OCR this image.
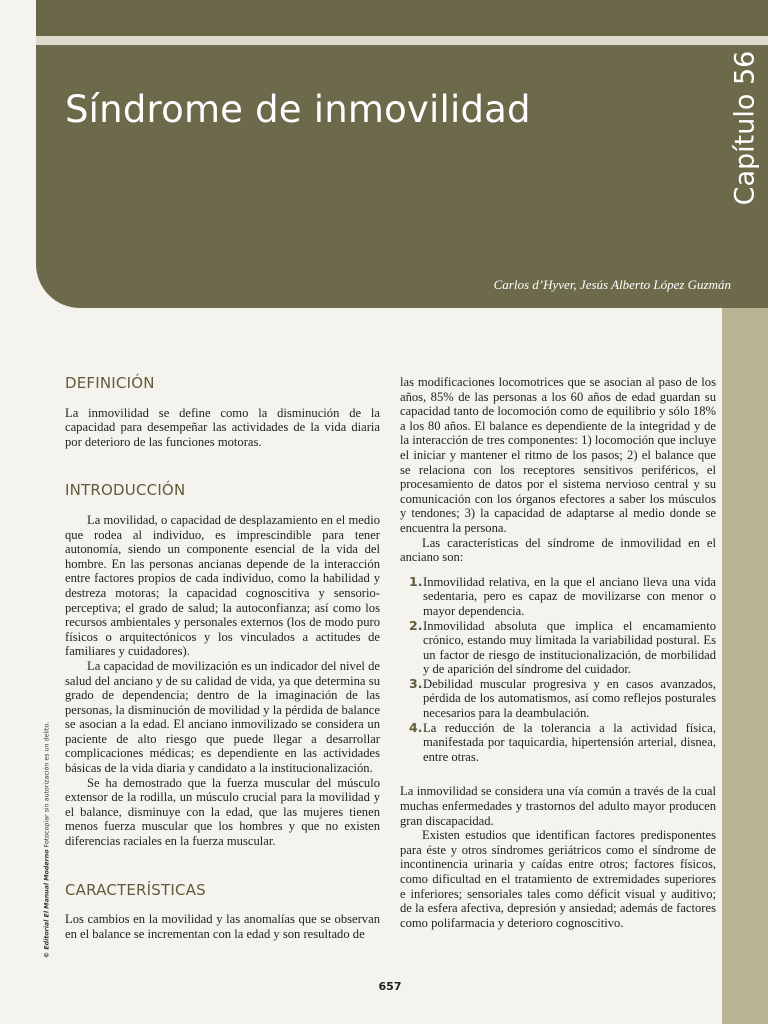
Síndrome de inmovilidad	Capítulo 56
Carlos d’Hyver, Jesús Alberto López Guzmán
© Editorial El Manual Moderno Fotocopiar sin autorización es un delito.
DEFINICIÓN

La inmovilidad se define como la disminución de la capacidad para desempeñar las actividades de la vida diaria por deterioro de las funciones motoras.

INTRODUCCIÓN

La movilidad, o capacidad de desplazamiento en el medio que rodea al individuo, es imprescindible para tener autonomía, siendo un componente esencial de la vida del hombre. En las personas ancianas depende de la interacción entre factores propios de cada individuo, como la habilidad y destreza motoras; la capacidad cognoscitiva y sensorio-perceptiva; el grado de salud; la autoconfianza; así como los recursos ambientales y personales externos (los de modo puro físicos o arquitectónicos y los vinculados a actitudes de familiares y cuidadores).

La capacidad de movilización es un indicador del nivel de salud del anciano y de su calidad de vida, ya que determina su grado de dependencia; dentro de la imaginación de las personas, la disminución de movilidad y la pérdida de balance se asocian a la edad. El anciano inmovilizado se considera un paciente de alto riesgo que puede llegar a desarrollar complicaciones médicas; es dependiente en las actividades básicas de la vida diaria y candidato a la institucionalización.

Se ha demostrado que la fuerza muscular del músculo extensor de la rodilla, un músculo crucial para la movilidad y el balance, disminuye con la edad, que las mujeres tienen menos fuerza muscular que los hombres y que no existen diferencias raciales en la fuerza muscular.

CARACTERÍSTICAS

Los cambios en la movilidad y las anomalías que se observan en el balance se incrementan con la edad y son resultado de

las modificaciones locomotrices que se asocian al paso de los años, 85% de las personas a los 60 años de edad guardan su capacidad tanto de locomoción como de equilibrio y sólo 18% a los 80 años. El balance es dependiente de la integridad y de la interacción de tres componentes: 1) locomoción que incluye el iniciar y mantener el ritmo de los pasos; 2) el balance que se relaciona con los receptores sensitivos periféricos, el procesamiento de datos por el sistema nervioso central y su comunicación con los órganos efectores a saber los músculos y tendones; 3) la capacidad de adaptarse al medio donde se encuentra la persona.

Las características del síndrome de inmovilidad en el anciano son:

1. Inmovilidad relativa, en la que el anciano lleva una vida sedentaria, pero es capaz de movilizarse con menor o mayor dependencia.
2. Inmovilidad absoluta que implica el encamamiento crónico, estando muy limitada la variabilidad postural. Es un factor de riesgo de institucionalización, de morbilidad y de aparición del síndrome del cuidador.
3. Debilidad muscular progresiva y en casos avanzados, pérdida de los automatismos, así como reflejos posturales necesarios para la deambulación.
4. La reducción de la tolerancia a la actividad física, manifestada por taquicardia, hipertensión arterial, disnea, entre otras.

La inmovilidad se considera una vía común a través de la cual muchas enfermedades y trastornos del adulto mayor producen gran discapacidad.

Existen estudios que identifican factores predisponentes para éste y otros síndromes geriátricos como el síndrome de incontinencia urinaria y caídas entre otros; factores físicos, como dificultad en el tratamiento de extremidades superiores e inferiores; sensoriales tales como déficit visual y auditivo; de la esfera afectiva, depresión y ansiedad; además de factores como polifarmacia y deterioro cognoscitivo.

657
